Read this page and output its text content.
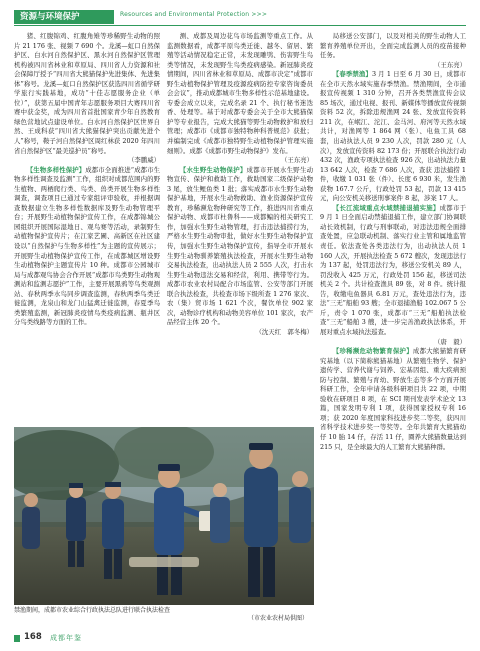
资源与环境保护	Resources and Environmental Protection >>>

猪、红腹锦鸡、红腹角雉等珍稀野生动物的照片 21 176 张、视频 7 690 个。龙溪—虹口自然保护区、白水河自然保护区、黑水河自然保护区管理机构被四川省林业和草原局、四川省人力资源和社会保障厅授予“四川省大熊猫保护先进集体、先进集体”称号。龙溪—虹口自然保护区获选四川省循学研学旅行实践基地，成功“十佳志愿服务企业（单位）”，获第五届中国青年志愿服务项目大赛四川省赛中获金奖，成为四川省首批国家青少年自然教育绿色营地试点建设单位。白水河自然保护区世界自然、王成科获“四川省大熊猫保护突出贡献先进个人”称号，鞍子河自然保护区周红林获 2020 年四川省自然保护区“最美巡护员”称号。

（李鹏威）

【生物多样性保护】成都市全面推进“成都市生物多样性调查及监测”工作，组织对成都范围内的野生植物、两栖爬行类、鸟类、兽类开展生物多样性调查，调查项目已通过专家组评审验收，并根据调查数据建立生物多样性数据库及野生动物管理平台；开展野生动植物保护宣传工作，在成都锦城公园组织开展国际湿地日、观鸟赛等活动，录制野生动植物保护宣传片；在江家艺圃、高新区在社区建设以“自然保护与生物多样性”为主题的宣传展示；开展野生动植物保护宣传工作，在成都城区增设野生动植物保护主题宣传片 10 种。成都市公园城市局与成都观鸟协会合作开展“成都市鸟类野生动物观测站和监测志愿护”工作，主要开展黑鸦等鸟类观测站、春秋两季水鸟同步调查监测，春秋两季鸟类迁徙监测，龙泉山和龙门山猛禽迁徙监测，春夏季鸟类繁殖监测，新冠肺炎疫情鸟类疫病监测、瓶井区分鸟类线路等方面的工作。

测、成都及周边花鸟市场监测等重点工作。从监测数据看，成都平原鸟类迁徙、越冬、留居、繁殖等活动情况稳定正常，未发现雕鸮、伤害野生鸟类等情况，未发现野生鸟类疫病感染。新冠肺炎疫情期间，四川省林业和草原局、成都市决定“成都市野生动植物保护管理及疫源疫病防控专家咨询委员会会议”，推动成都城市生物多样性示范基地建设。专委会成立以来，完成名录 21 个、执行秘书迷迭香、处理等。基于对成都专委会关于全市大熊猫保护等专业报告，完成大熊猫等野生动物救护和放归管理；成都市《成都市独特物种科普规范》获批；并编制完成《成都市独特野生动植物保护管理实施细则》。成都《成都市野生动物保护》发布。

（王东亮）

【水生野生动物保护】成都市开展水生野生动物宣传、保护和救助工作，救助国家二级保护动物 3 尾，放生鲤鱼类 1 批；落实成都市水生野生动物保护基地，开展水生动物救助、渔业资源保护宣传教育，珍稀濒危物种研究等工作，推进四川省重点保护动物、成都市杜鲁科——成都鳊的相关研究工作，加强水生野生动物管理，打击违法捕捞行为，严格水生野生动物审批，做好水生野生动物保护宣传，加强水生野生动物保护宣传，指导全市开展水生野生动物驯养繁殖执法检查，开展水生野生动物交易执法检查，出动执法人员 2 555 人次，打击水生野生动物违法交易和经营，利用、携带等行为。成都市农业农村局配合市场监管、公安等部门开展联合执法检查，共检查市场下级所查 1 276 家次、农（集）贸市场 1 621 个次，餐饮单位 902 家次，动物诊疗机构和动物美容单位 101 家次，农产品经营主体 20 个。

（沈天红　郭冬梅）

局移送公安部门，以及对相关的野生动物人工繁育养殖单位开出，全面完成监测人员的疫苗接种任务。

（王东亮）

【春季禁渔】3 月 1 日至 6 月 30 日，成都市在全市天然水域实施春季禁渔。禁渔期间，全市通报宣传视频 1 310 分钟，召开各类禁渔宣传会议 85 场次，通过电视、报刊、新媒体等播放宣传视频资料 52 次，拆除违规渔网 24 张、发放宣传资料 211 次，在岷江、沱江、金马河、府河等天然水域共计，对渔网等 1 864 网（张）、电鱼工具 68 套，出动执法人员 9 230 人次，罚款 280 元（人次），发放宣传资料 82 173 份；开展联合执法行动 432 次，渔政专项执法检查 926 次，出动执法力量 13 642 人次，检查 7 686 人次，查获 违法捕捞 1 件，收缴 1 031 张（件）、长度 6 930 米，发生渔获物 167.7 公斤，行政处罚 53 起，罚款 13 415 元，向公安机关移送刑事案件 8 起，涉案 17 人。

【长江流域重点水域禁捕退捕实施】成都市于 9 月 1 日全面启动禁捕退捕工作，建立部门协调联动长效机制，行政与刑事联动，对违法违规全面排查处置，应急联动机制、落实行业主管和属地监管责任。依法查处各类违法行为，出动执法人员 1 160 人次，开展执法检查 5 672 艘次，发现违法行为 137 起，处罚违法行为，移送公安机关 89 人，罚没收入 425 万元，行政处罚 156 起，移送司法机关 2 个。共计检查渔具 89 张，对 8 件。统计报告，收缴电鱼器具 6.81 万元，查处违法行为，违法“三无”船舶 93 艘；全市退捕渔船 102.067 5 公斤，责令 1 070 张，成都市“三无”船舶执法检查“三无”船舶 3 艘，进一步完善渔政执法体系，开展对重点水域执法巡查。

（唐　毅）

【珍稀濒危动物繁育保护】成都大熊猫繁育研究基地（以下简称熊猫基地）从繁殖生物学、保护遗传学、营养代谢与饲养、宏基因组、重大疾病预防与控制、繁殖与育幼、野放生态等多个方面开展科研工作，全年申请各级科研项目共 22 项，中期验收在研项目 8 项，在 SCI 期刊发表学术论文 13 篇，国家发明专利 1 项，获得国家授权专利 16 项；获 2020 年度国家科技进步奖二等奖，获四川省科学技术进步奖一等奖等。全年共繁育大熊猫幼仔 10 胎 14 仔，存活 11 仔，圈养大熊猫数量达到 215 只，是全球最大的人工繁育大熊猫种群。

禁渔期间，成都市农业综合行政执法总队进行联合执法检查
（市农业农村局供图）
168 成都年鉴
